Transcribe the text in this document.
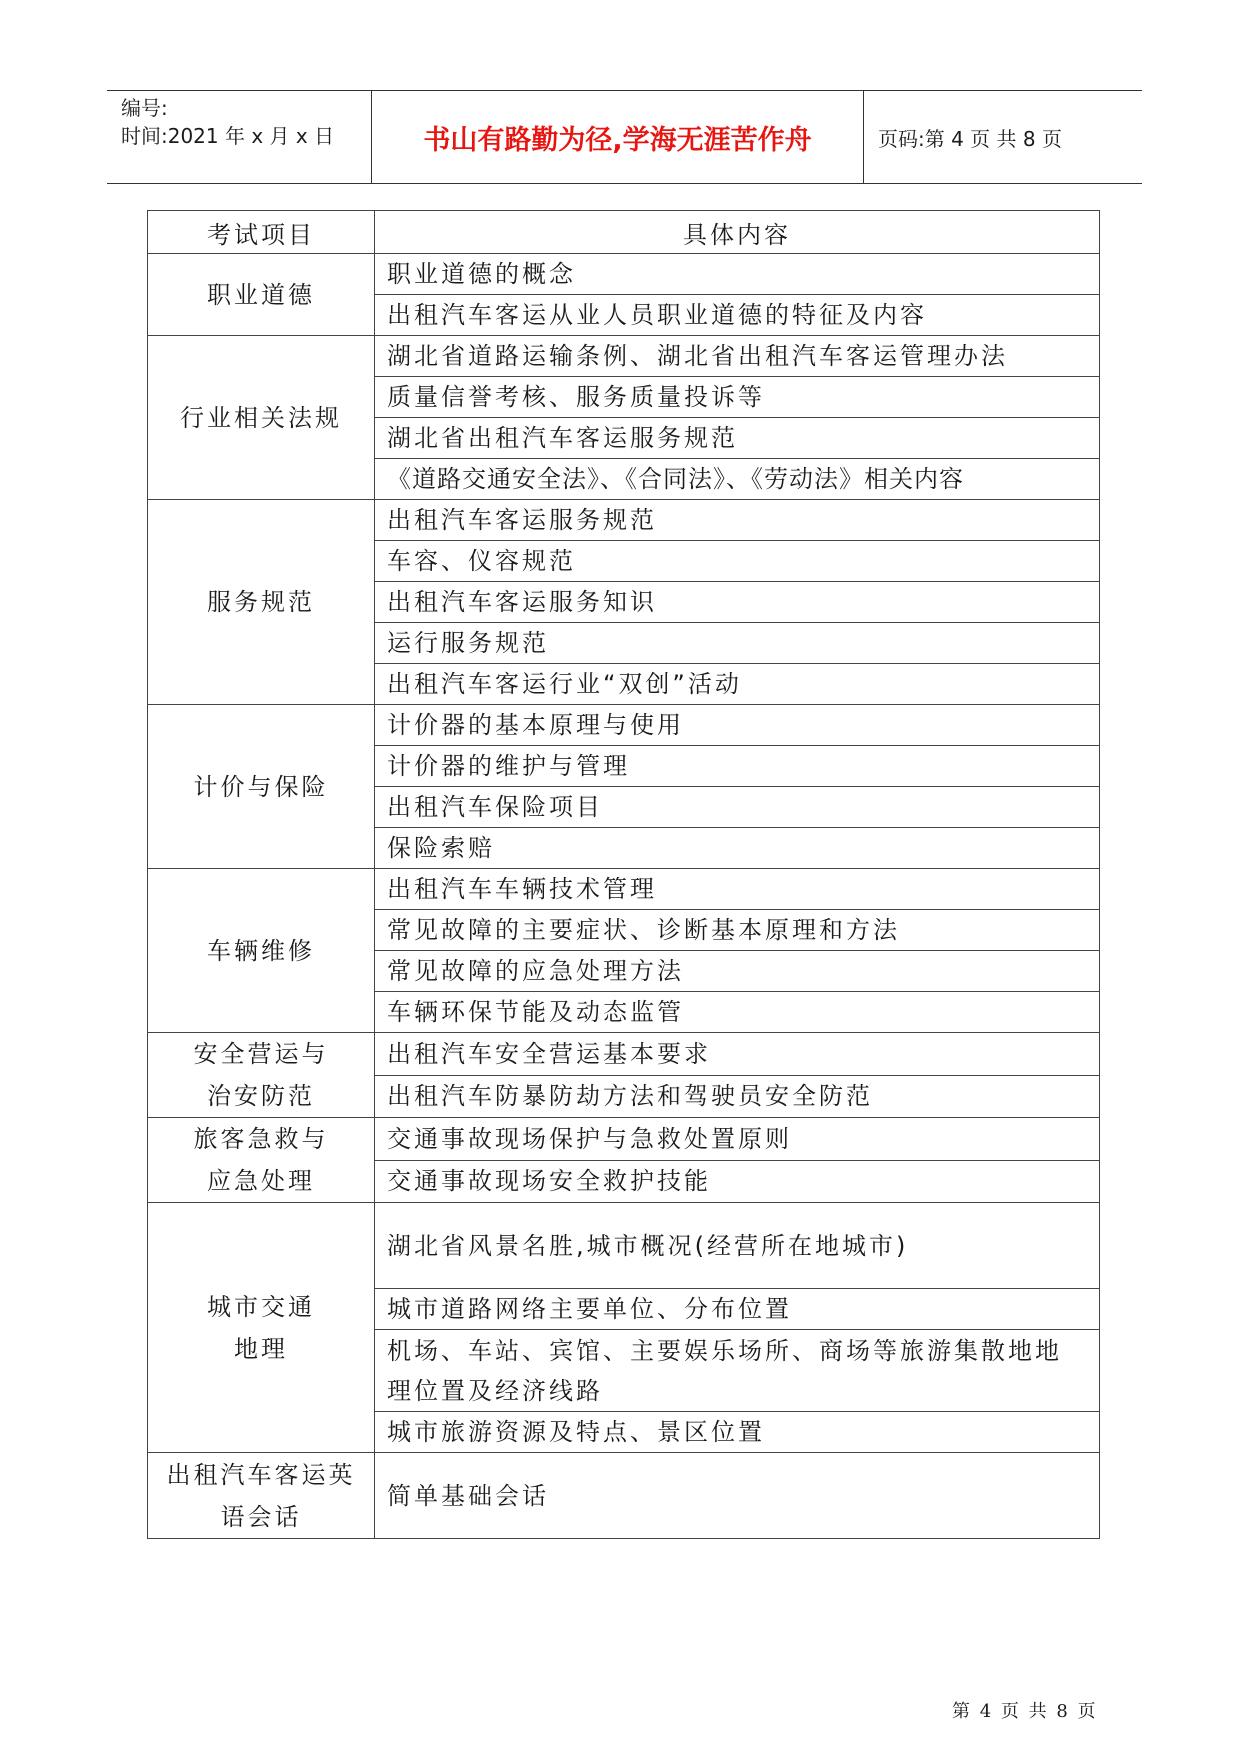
编号:
时间:2021 年 x 月 x 日	书山有路勤为径,学海无涯苦作舟	页码:第 4 页 共 8 页
考试项目	具体内容
职业道德	职业道德的概念
	出租汽车客运从业人员职业道德的特征及内容
行业相关法规	湖北省道路运输条例、湖北省出租汽车客运管理办法
	质量信誉考核、服务质量投诉等
	湖北省出租汽车客运服务规范
	《道路交通安全法》、《合同法》、《劳动法》相关内容
服务规范	出租汽车客运服务规范
	车容、仪容规范
	出租汽车客运服务知识
	运行服务规范
	出租汽车客运行业“双创”活动
计价与保险	计价器的基本原理与使用
	计价器的维护与管理
	出租汽车保险项目
	保险索赔
车辆维修	出租汽车车辆技术管理
	常见故障的主要症状、诊断基本原理和方法
	常见故障的应急处理方法
	车辆环保节能及动态监管
安全营运与治安防范	出租汽车安全营运基本要求
	出租汽车防暴防劫方法和驾驶员安全防范
旅客急救与应急处理	交通事故现场保护与急救处置原则
	交通事故现场安全救护技能
城市交通地理	湖北省风景名胜,城市概况(经营所在地城市)
	城市道路网络主要单位、分布位置
	机场、车站、宾馆、主要娱乐场所、商场等旅游集散地地理位置及经济线路
	城市旅游资源及特点、景区位置
出租汽车客运英语会话	简单基础会话
第 4 页 共 8 页
